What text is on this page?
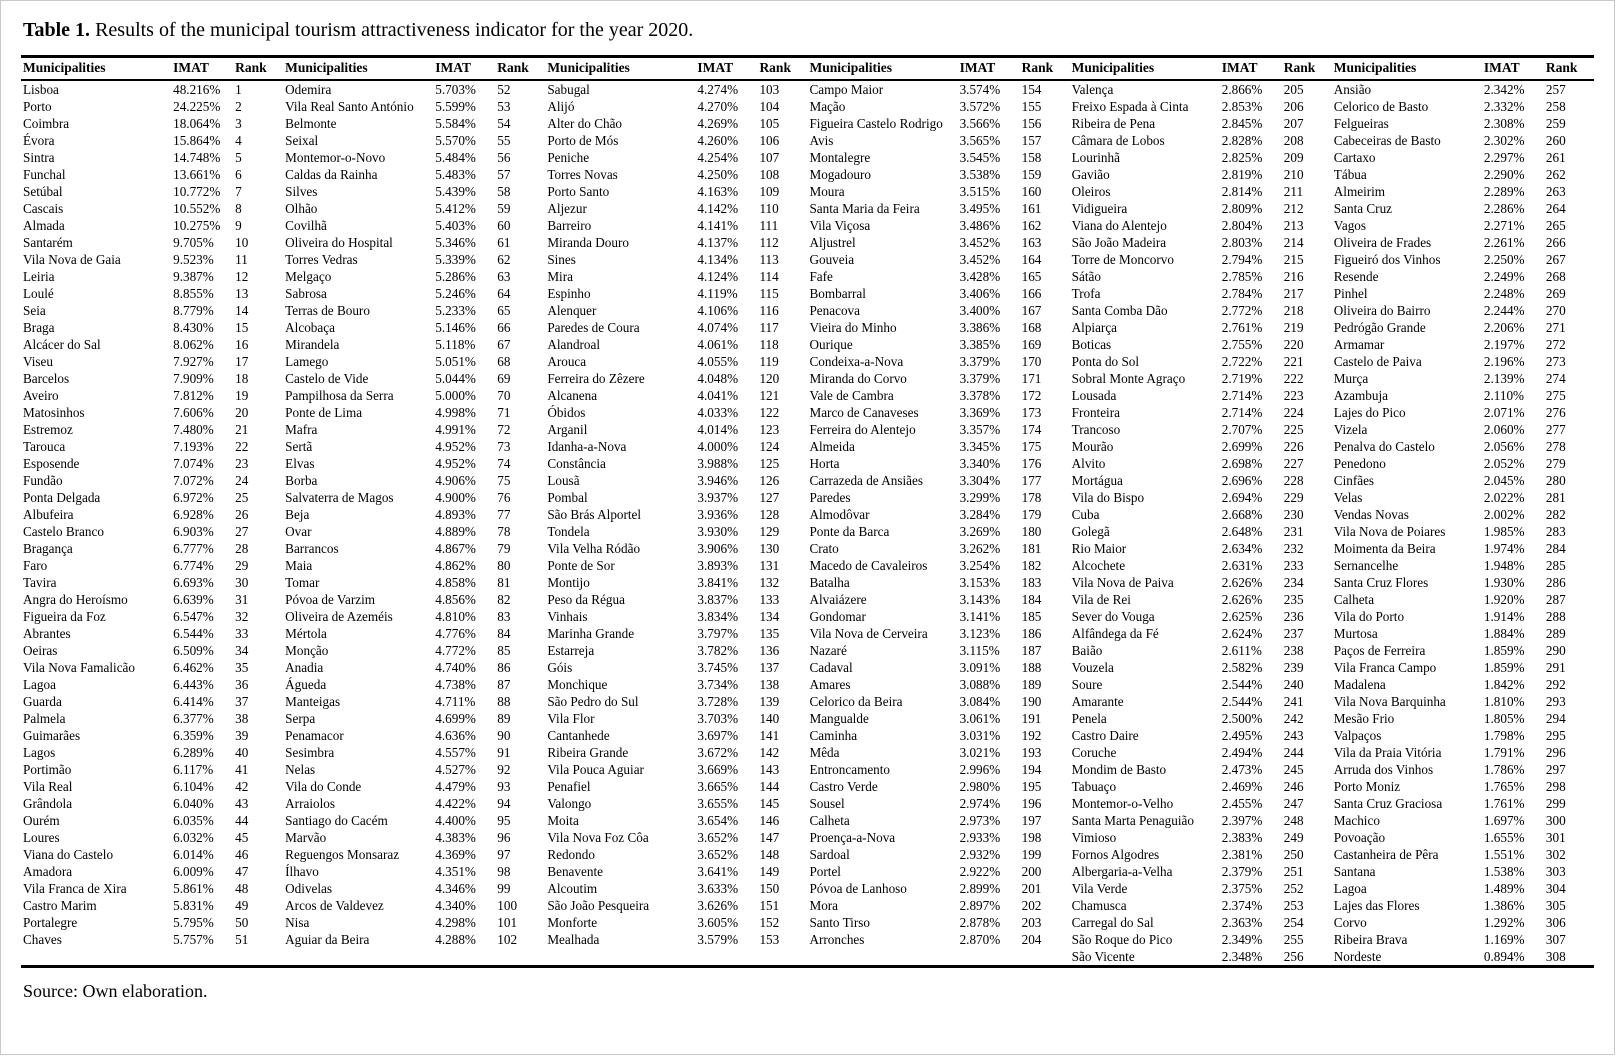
Table 1. Results of the municipal tourism attractiveness indicator for the year 2020.
Municipalities	IMAT	Rank	Municipalities	IMAT	Rank	Municipalities	IMAT	Rank	Municipalities	IMAT	Rank	Municipalities	IMAT	Rank	Municipalities	IMAT	Rank
Lisboa	48.216%	1	Odemira	5.703%	52	Sabugal	4.274%	103	Campo Maior	3.574%	154	Valença	2.866%	205	Ansião	2.342%	257
Porto	24.225%	2	Vila Real Santo António	5.599%	53	Alijó	4.270%	104	Mação	3.572%	155	Freixo Espada à Cinta	2.853%	206	Celorico de Basto	2.332%	258
Coimbra	18.064%	3	Belmonte	5.584%	54	Alter do Chão	4.269%	105	Figueira Castelo Rodrigo	3.566%	156	Ribeira de Pena	2.845%	207	Felgueiras	2.308%	259
Évora	15.864%	4	Seixal	5.570%	55	Porto de Mós	4.260%	106	Avis	3.565%	157	Câmara de Lobos	2.828%	208	Cabeceiras de Basto	2.302%	260
Sintra	14.748%	5	Montemor-o-Novo	5.484%	56	Peniche	4.254%	107	Montalegre	3.545%	158	Lourinhã	2.825%	209	Cartaxo	2.297%	261
Funchal	13.661%	6	Caldas da Rainha	5.483%	57	Torres Novas	4.250%	108	Mogadouro	3.538%	159	Gavião	2.819%	210	Tábua	2.290%	262
Setúbal	10.772%	7	Silves	5.439%	58	Porto Santo	4.163%	109	Moura	3.515%	160	Oleiros	2.814%	211	Almeirim	2.289%	263
Cascais	10.552%	8	Olhão	5.412%	59	Aljezur	4.142%	110	Santa Maria da Feira	3.495%	161	Vidigueira	2.809%	212	Santa Cruz	2.286%	264
Almada	10.275%	9	Covilhã	5.403%	60	Barreiro	4.141%	111	Vila Viçosa	3.486%	162	Viana do Alentejo	2.804%	213	Vagos	2.271%	265
Santarém	9.705%	10	Oliveira do Hospital	5.346%	61	Miranda Douro	4.137%	112	Aljustrel	3.452%	163	São João Madeira	2.803%	214	Oliveira de Frades	2.261%	266
Vila Nova de Gaia	9.523%	11	Torres Vedras	5.339%	62	Sines	4.134%	113	Gouveia	3.452%	164	Torre de Moncorvo	2.794%	215	Figueiró dos Vinhos	2.250%	267
Leiria	9.387%	12	Melgaço	5.286%	63	Mira	4.124%	114	Fafe	3.428%	165	Sátão	2.785%	216	Resende	2.249%	268
Loulé	8.855%	13	Sabrosa	5.246%	64	Espinho	4.119%	115	Bombarral	3.406%	166	Trofa	2.784%	217	Pinhel	2.248%	269
Seia	8.779%	14	Terras de Bouro	5.233%	65	Alenquer	4.106%	116	Penacova	3.400%	167	Santa Comba Dão	2.772%	218	Oliveira do Bairro	2.244%	270
Braga	8.430%	15	Alcobaça	5.146%	66	Paredes de Coura	4.074%	117	Vieira do Minho	3.386%	168	Alpiarça	2.761%	219	Pedrógão Grande	2.206%	271
Alcácer do Sal	8.062%	16	Mirandela	5.118%	67	Alandroal	4.061%	118	Ourique	3.385%	169	Boticas	2.755%	220	Armamar	2.197%	272
Viseu	7.927%	17	Lamego	5.051%	68	Arouca	4.055%	119	Condeixa-a-Nova	3.379%	170	Ponta do Sol	2.722%	221	Castelo de Paiva	2.196%	273
Barcelos	7.909%	18	Castelo de Vide	5.044%	69	Ferreira do Zêzere	4.048%	120	Miranda do Corvo	3.379%	171	Sobral Monte Agraço	2.719%	222	Murça	2.139%	274
Aveiro	7.812%	19	Pampilhosa da Serra	5.000%	70	Alcanena	4.041%	121	Vale de Cambra	3.378%	172	Lousada	2.714%	223	Azambuja	2.110%	275
Matosinhos	7.606%	20	Ponte de Lima	4.998%	71	Óbidos	4.033%	122	Marco de Canaveses	3.369%	173	Fronteira	2.714%	224	Lajes do Pico	2.071%	276
Estremoz	7.480%	21	Mafra	4.991%	72	Arganil	4.014%	123	Ferreira do Alentejo	3.357%	174	Trancoso	2.707%	225	Vizela	2.060%	277
Tarouca	7.193%	22	Sertã	4.952%	73	Idanha-a-Nova	4.000%	124	Almeida	3.345%	175	Mourão	2.699%	226	Penalva do Castelo	2.056%	278
Esposende	7.074%	23	Elvas	4.952%	74	Constância	3.988%	125	Horta	3.340%	176	Alvito	2.698%	227	Penedono	2.052%	279
Fundão	7.072%	24	Borba	4.906%	75	Lousã	3.946%	126	Carrazeda de Ansiães	3.304%	177	Mortágua	2.696%	228	Cinfães	2.045%	280
Ponta Delgada	6.972%	25	Salvaterra de Magos	4.900%	76	Pombal	3.937%	127	Paredes	3.299%	178	Vila do Bispo	2.694%	229	Velas	2.022%	281
Albufeira	6.928%	26	Beja	4.893%	77	São Brás Alportel	3.936%	128	Almodôvar	3.284%	179	Cuba	2.668%	230	Vendas Novas	2.002%	282
Castelo Branco	6.903%	27	Ovar	4.889%	78	Tondela	3.930%	129	Ponte da Barca	3.269%	180	Golegã	2.648%	231	Vila Nova de Poiares	1.985%	283
Bragança	6.777%	28	Barrancos	4.867%	79	Vila Velha Ródão	3.906%	130	Crato	3.262%	181	Rio Maior	2.634%	232	Moimenta da Beira	1.974%	284
Faro	6.774%	29	Maia	4.862%	80	Ponte de Sor	3.893%	131	Macedo de Cavaleiros	3.254%	182	Alcochete	2.631%	233	Sernancelhe	1.948%	285
Tavira	6.693%	30	Tomar	4.858%	81	Montijo	3.841%	132	Batalha	3.153%	183	Vila Nova de Paiva	2.626%	234	Santa Cruz Flores	1.930%	286
Angra do Heroísmo	6.639%	31	Póvoa de Varzim	4.856%	82	Peso da Régua	3.837%	133	Alvaiázere	3.143%	184	Vila de Rei	2.626%	235	Calheta	1.920%	287
Figueira da Foz	6.547%	32	Oliveira de Azeméis	4.810%	83	Vinhais	3.834%	134	Gondomar	3.141%	185	Sever do Vouga	2.625%	236	Vila do Porto	1.914%	288
Abrantes	6.544%	33	Mértola	4.776%	84	Marinha Grande	3.797%	135	Vila Nova de Cerveira	3.123%	186	Alfândega da Fé	2.624%	237	Murtosa	1.884%	289
Oeiras	6.509%	34	Monção	4.772%	85	Estarreja	3.782%	136	Nazaré	3.115%	187	Baião	2.611%	238	Paços de Ferreira	1.859%	290
Vila Nova Famalicão	6.462%	35	Anadia	4.740%	86	Góis	3.745%	137	Cadaval	3.091%	188	Vouzela	2.582%	239	Vila Franca Campo	1.859%	291
Lagoa	6.443%	36	Águeda	4.738%	87	Monchique	3.734%	138	Amares	3.088%	189	Soure	2.544%	240	Madalena	1.842%	292
Guarda	6.414%	37	Manteigas	4.711%	88	São Pedro do Sul	3.728%	139	Celorico da Beira	3.084%	190	Amarante	2.544%	241	Vila Nova Barquinha	1.810%	293
Palmela	6.377%	38	Serpa	4.699%	89	Vila Flor	3.703%	140	Mangualde	3.061%	191	Penela	2.500%	242	Mesão Frio	1.805%	294
Guimarães	6.359%	39	Penamacor	4.636%	90	Cantanhede	3.697%	141	Caminha	3.031%	192	Castro Daire	2.495%	243	Valpaços	1.798%	295
Lagos	6.289%	40	Sesimbra	4.557%	91	Ribeira Grande	3.672%	142	Mêda	3.021%	193	Coruche	2.494%	244	Vila da Praia Vitória	1.791%	296
Portimão	6.117%	41	Nelas	4.527%	92	Vila Pouca Aguiar	3.669%	143	Entroncamento	2.996%	194	Mondim de Basto	2.473%	245	Arruda dos Vinhos	1.786%	297
Vila Real	6.104%	42	Vila do Conde	4.479%	93	Penafiel	3.665%	144	Castro Verde	2.980%	195	Tabuaço	2.469%	246	Porto Moniz	1.765%	298
Grândola	6.040%	43	Arraiolos	4.422%	94	Valongo	3.655%	145	Sousel	2.974%	196	Montemor-o-Velho	2.455%	247	Santa Cruz Graciosa	1.761%	299
Ourém	6.035%	44	Santiago do Cacém	4.400%	95	Moita	3.654%	146	Calheta	2.973%	197	Santa Marta Penaguião	2.397%	248	Machico	1.697%	300
Loures	6.032%	45	Marvão	4.383%	96	Vila Nova Foz Côa	3.652%	147	Proença-a-Nova	2.933%	198	Vimioso	2.383%	249	Povoação	1.655%	301
Viana do Castelo	6.014%	46	Reguengos Monsaraz	4.369%	97	Redondo	3.652%	148	Sardoal	2.932%	199	Fornos Algodres	2.381%	250	Castanheira de Pêra	1.551%	302
Amadora	6.009%	47	Ílhavo	4.351%	98	Benavente	3.641%	149	Portel	2.922%	200	Albergaria-a-Velha	2.379%	251	Santana	1.538%	303
Vila Franca de Xira	5.861%	48	Odivelas	4.346%	99	Alcoutim	3.633%	150	Póvoa de Lanhoso	2.899%	201	Vila Verde	2.375%	252	Lagoa	1.489%	304
Castro Marim	5.831%	49	Arcos de Valdevez	4.340%	100	São João Pesqueira	3.626%	151	Mora	2.897%	202	Chamusca	2.374%	253	Lajes das Flores	1.386%	305
Portalegre	5.795%	50	Nisa	4.298%	101	Monforte	3.605%	152	Santo Tirso	2.878%	203	Carregal do Sal	2.363%	254	Corvo	1.292%	306
Chaves	5.757%	51	Aguiar da Beira	4.288%	102	Mealhada	3.579%	153	Arronches	2.870%	204	São Roque do Pico	2.349%	255	Ribeira Brava	1.169%	307
												São Vicente	2.348%	256	Nordeste	0.894%	308
Source: Own elaboration.
